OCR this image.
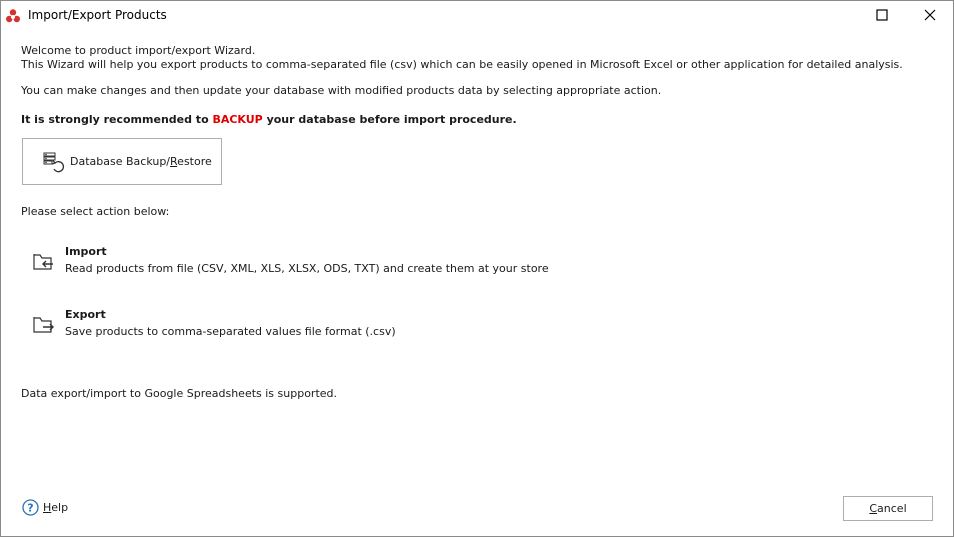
Import/Export Products
Welcome to product import/export Wizard.
This Wizard will help you export products to comma-separated file (csv) which can be easily opened in Microsoft Excel or other application for detailed analysis.
You can make changes and then update your database with modified products data by selecting appropriate action.
It is strongly recommended to BACKUP your database before import procedure.
Database Backup/Restore
Please select action below:
Import
Read products from file (CSV, XML, XLS, XLSX, ODS, TXT) and create them at your store
Export
Save products to comma-separated values file format (.csv)
Data export/import to Google Spreadsheets is supported.
? Help	Cancel
